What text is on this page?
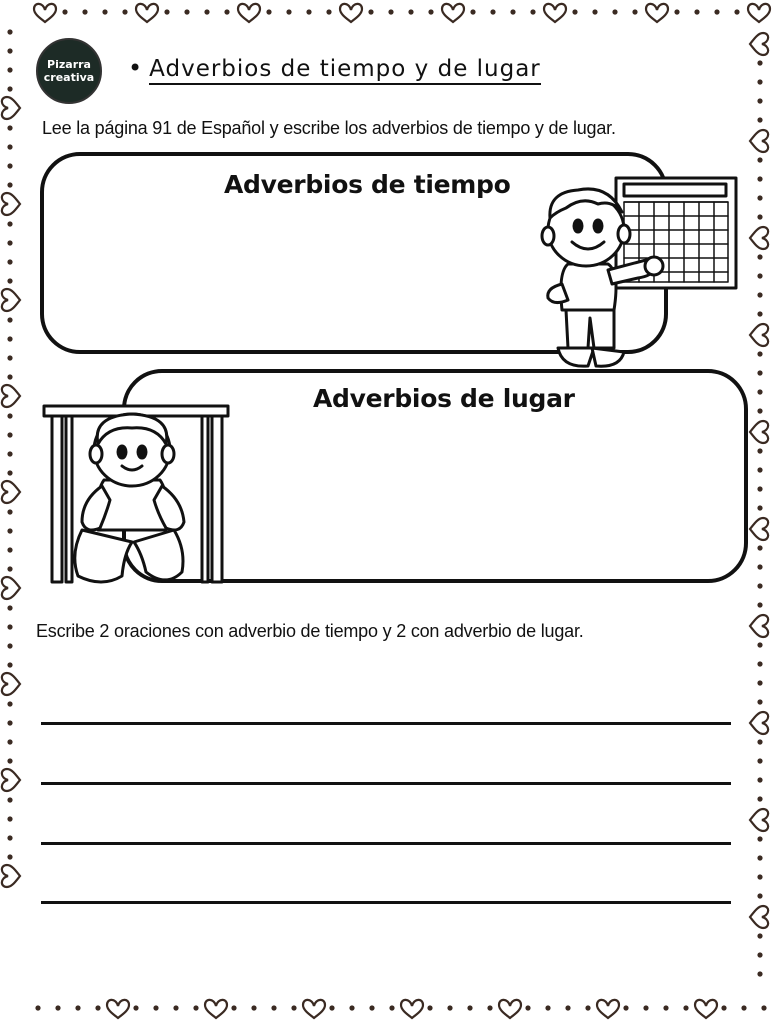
Pizarra
creativa • Adverbios de tiempo y de lugar
Lee la página 91 de Español y escribe los adverbios de tiempo y de lugar.
Adverbios de tiempo
Adverbios de lugar
Escribe 2 oraciones con adverbio de tiempo y 2 con adverbio de lugar.
